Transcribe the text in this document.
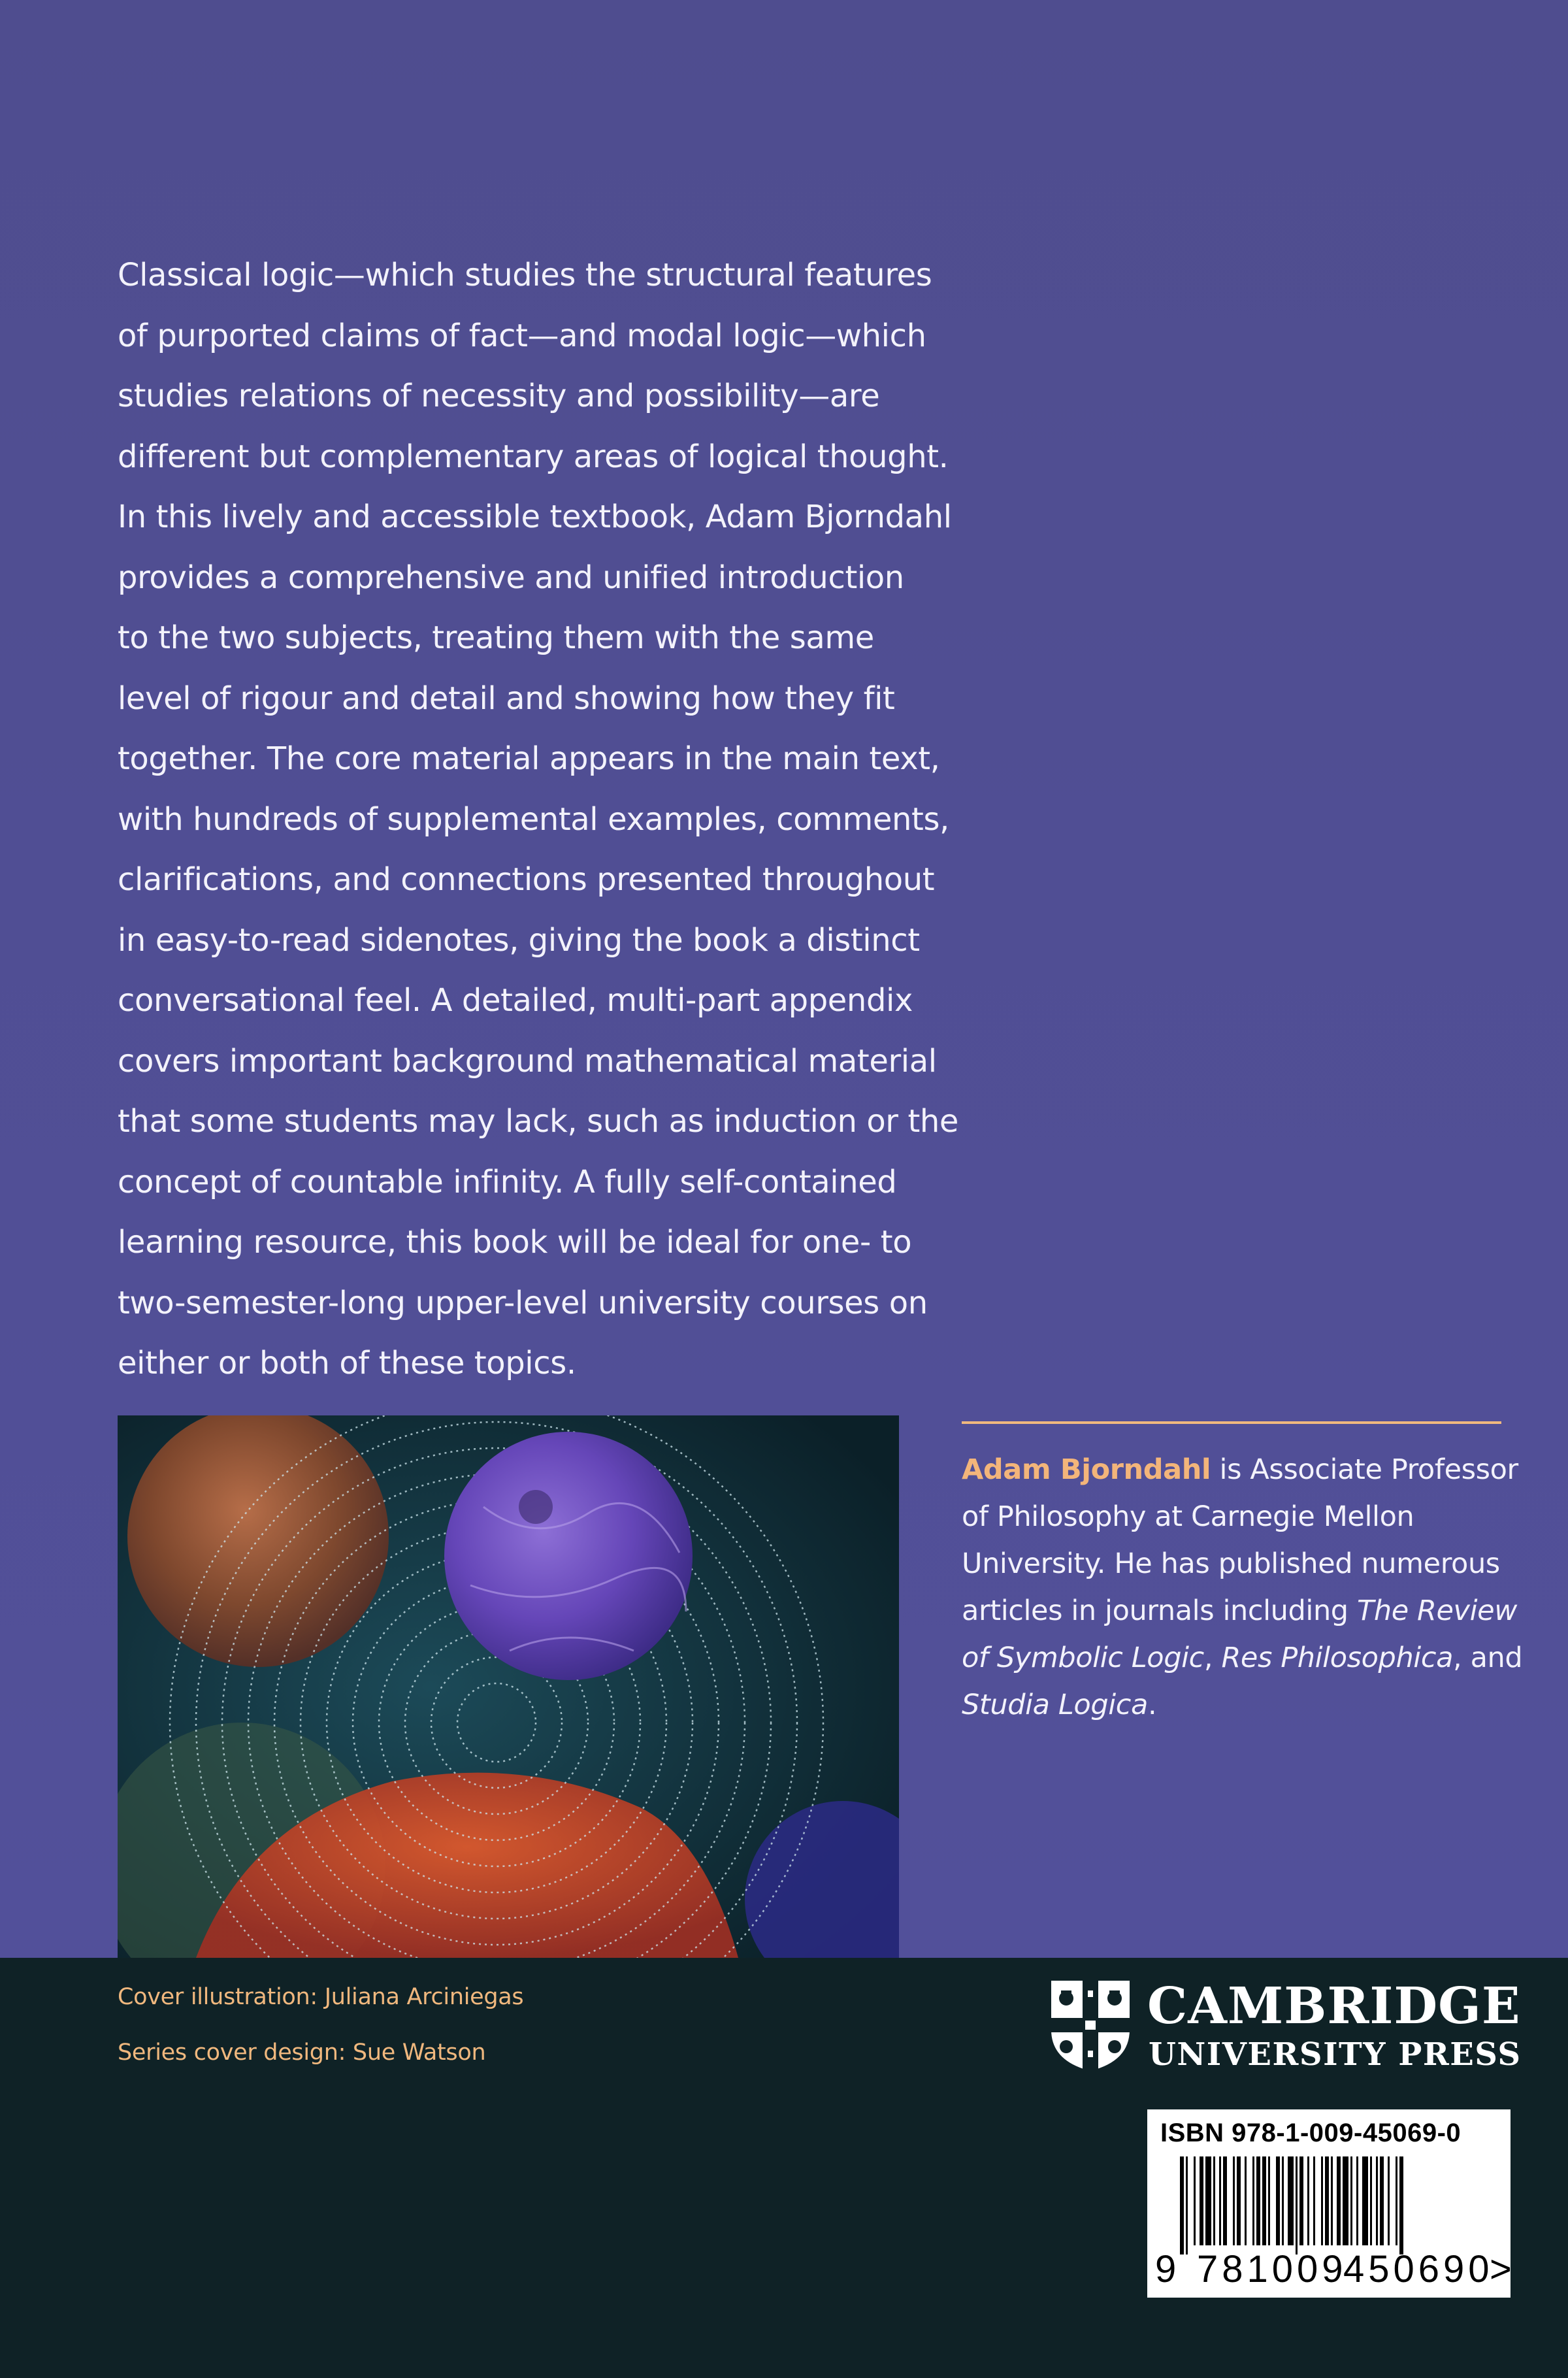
Classical logic—which studies the structural features
of purported claims of fact—and modal logic—which
studies relations of necessity and possibility—are
different but complementary areas of logical thought.
In this lively and accessible textbook, Adam Bjorndahl
provides a comprehensive and unified introduction
to the two subjects, treating them with the same
level of rigour and detail and showing how they fit
together. The core material appears in the main text,
with hundreds of supplemental examples, comments,
clarifications, and connections presented throughout
in easy-to-read sidenotes, giving the book a distinct
conversational feel. A detailed, multi-part appendix
covers important background mathematical material
that some students may lack, such as induction or the
concept of countable infinity. A fully self-contained
learning resource, this book will be ideal for one- to
two-semester-long upper-level university courses on
either or both of these topics.
Adam Bjorndahl is Associate Professor
of Philosophy at Carnegie Mellon
University. He has published numerous
articles in journals including The Review
of Symbolic Logic, Res Philosophica, and
Studia Logica.
Cover illustration: Juliana Arciniegas
Series cover design: Sue Watson
CAMBRIDGE
UNIVERSITY PRESS
ISBN 978-1-009-45069-0
9 781009
450690
>
